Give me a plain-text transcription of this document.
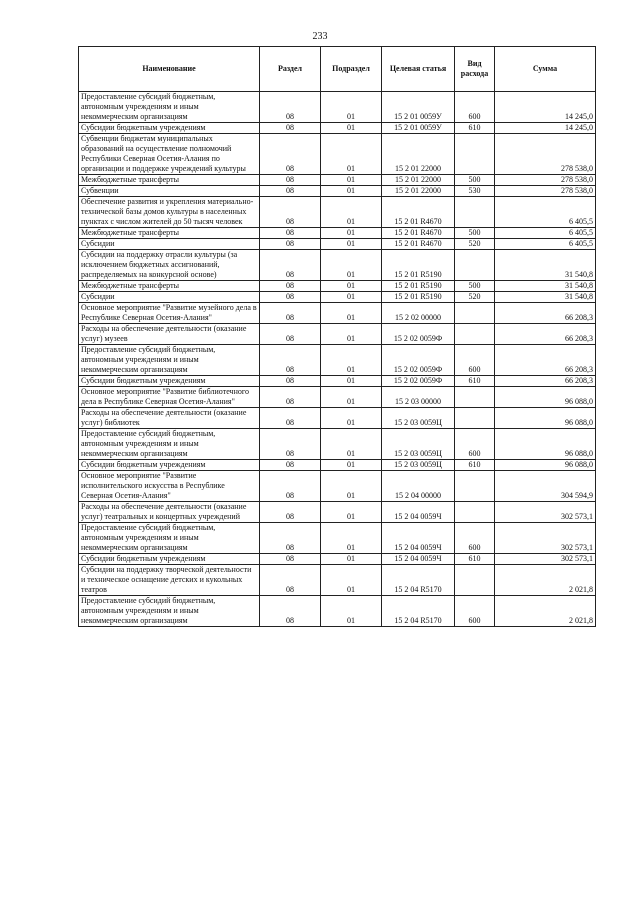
233
Наименование	Раздел	Подраздел	Целевая статья	Вид расхода	Сумма
Предоставление субсидий бюджетным, автономным учреждениям и иным некоммерческим организациям	08	01	15 2 01 0059У	600	14 245,0
Субсидии бюджетным учреждениям	08	01	15 2 01 0059У	610	14 245,0
Субвенции бюджетам муниципальных образований на осуществление полномочий Республики Северная Осетия-Алания по организации и поддержке учреждений культуры	08	01	15 2 01 22000		278 538,0
Межбюджетные трансферты	08	01	15 2 01 22000	500	278 538,0
Субвенции	08	01	15 2 01 22000	530	278 538,0
Обеспечение развития и укрепления материально-технической базы домов культуры в населенных пунктах с числом жителей до 50 тысяч человек	08	01	15 2 01 R4670		6 405,5
Межбюджетные трансферты	08	01	15 2 01 R4670	500	6 405,5
Субсидии	08	01	15 2 01 R4670	520	6 405,5
Субсидии на поддержку отрасли культуры (за исключением бюджетных ассигнований, распределяемых на конкурсной основе)	08	01	15 2 01 R5190		31 540,8
Межбюджетные трансферты	08	01	15 2 01 R5190	500	31 540,8
Субсидии	08	01	15 2 01 R5190	520	31 540,8
Основное мероприятие "Развитие музейного дела в Республике Северная Осетия-Алания"	08	01	15 2 02 00000		66 208,3
Расходы на обеспечение деятельности (оказание услуг) музеев	08	01	15 2 02 0059Ф		66 208,3
Предоставление субсидий бюджетным, автономным учреждениям и иным некоммерческим организациям	08	01	15 2 02 0059Ф	600	66 208,3
Субсидии бюджетным учреждениям	08	01	15 2 02 0059Ф	610	66 208,3
Основное мероприятие "Развитие библиотечного дела в Республике Северная Осетия-Алания"	08	01	15 2 03 00000		96 088,0
Расходы на обеспечение деятельности (оказание услуг) библиотек	08	01	15 2 03 0059Ц		96 088,0
Предоставление субсидий бюджетным, автономным учреждениям и иным некоммерческим организациям	08	01	15 2 03 0059Ц	600	96 088,0
Субсидии бюджетным учреждениям	08	01	15 2 03 0059Ц	610	96 088,0
Основное мероприятие "Развитие исполнительского искусства в Республике Северная Осетия-Алания"	08	01	15 2 04 00000		304 594,9
Расходы на обеспечение деятельности (оказание услуг) театральных и концертных учреждений	08	01	15 2 04 0059Ч		302 573,1
Предоставление субсидий бюджетным, автономным учреждениям и иным некоммерческим организациям	08	01	15 2 04 0059Ч	600	302 573,1
Субсидии бюджетным учреждениям	08	01	15 2 04 0059Ч	610	302 573,1
Субсидии на поддержку творческой деятельности и техническое оснащение детских и кукольных театров	08	01	15 2 04 R5170		2 021,8
Предоставление субсидий бюджетным, автономным учреждениям и иным некоммерческим организациям	08	01	15 2 04 R5170	600	2 021,8
